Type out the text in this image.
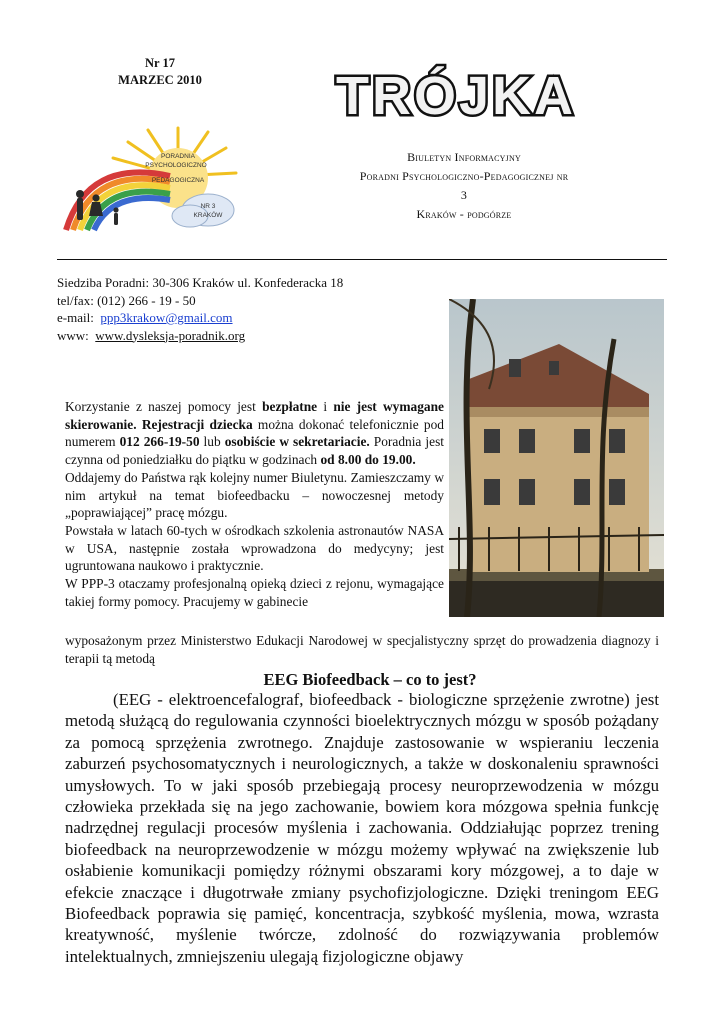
Nr 17
MARZEC 2010
PORADNIA
PSYCHOLOGICZNO
PEDAGOGICZNA
NR 3
KRAKÓW
TRÓJKA
Biuletyn Informacyjny
Poradni Psychologiczno-Pedagogicznej nr
3
Kraków - podgórze
Siedziba Poradni: 30-306 Kraków ul. Konfederacka 18
tel/fax: (012) 266 - 19 - 50
e-mail: ppp3krakow@gmail.com
www: www.dysleksja-poradnik.org

Korzystanie z naszej pomocy jest bezpłatne i nie jest wymagane skierowanie. Rejestracji dziecka można dokonać telefonicznie pod numerem 012 266-19-50 lub osobiście w sekretariacie. Poradnia jest czynna od poniedziałku do piątku w godzinach od 8.00 do 19.00.

Oddajemy do Państwa rąk kolejny numer Biuletynu. Zamieszczamy w nim artykuł na temat biofeedbacku – nowoczesnej metody „poprawiającej” pracę mózgu.

Powstała w latach 60-tych w ośrodkach szkolenia astronautów NASA w USA, następnie została wprowadzona do medycyny; jest ugruntowana naukowo i praktycznie.

W PPP-3 otaczamy profesjonalną opieką dzieci z rejonu, wymagające takiej formy pomocy. Pracujemy w gabinecie

wyposażonym przez Ministerstwo Edukacji Narodowej w specjalistyczny sprzęt do prowadzenia diagnozy i terapii tą metodą
EEG Biofeedback – co to jest?
(EEG - elektroencefalograf, biofeedback - biologiczne sprzężenie zwrotne) jest metodą służącą do regulowania czynności bioelektrycznych mózgu w sposób pożądany za pomocą sprzężenia zwrotnego. Znajduje zastosowanie w wspieraniu leczenia zaburzeń psychosomatycznych i neurologicznych, a także w doskonaleniu sprawności umysłowych. To w jaki sposób przebiegają procesy neuroprzewodzenia w mózgu człowieka przekłada się na jego zachowanie, bowiem kora mózgowa spełnia funkcję nadrzędnej regulacji procesów myślenia i zachowania. Oddziałując poprzez trening biofeedback na neuroprzewodzenie w mózgu możemy wpływać na zwiększenie lub osłabienie komunikacji pomiędzy różnymi obszarami kory mózgowej, a to daje w efekcie znaczące i długotrwałe zmiany psychofizjologiczne. Dzięki treningom EEG Biofeedback poprawia się pamięć, koncentracja, szybkość myślenia, mowa, wzrasta kreatywność, myślenie twórcze, zdolność do rozwiązywania problemów intelektualnych, zmniejszeniu ulegają fizjologiczne objawy
